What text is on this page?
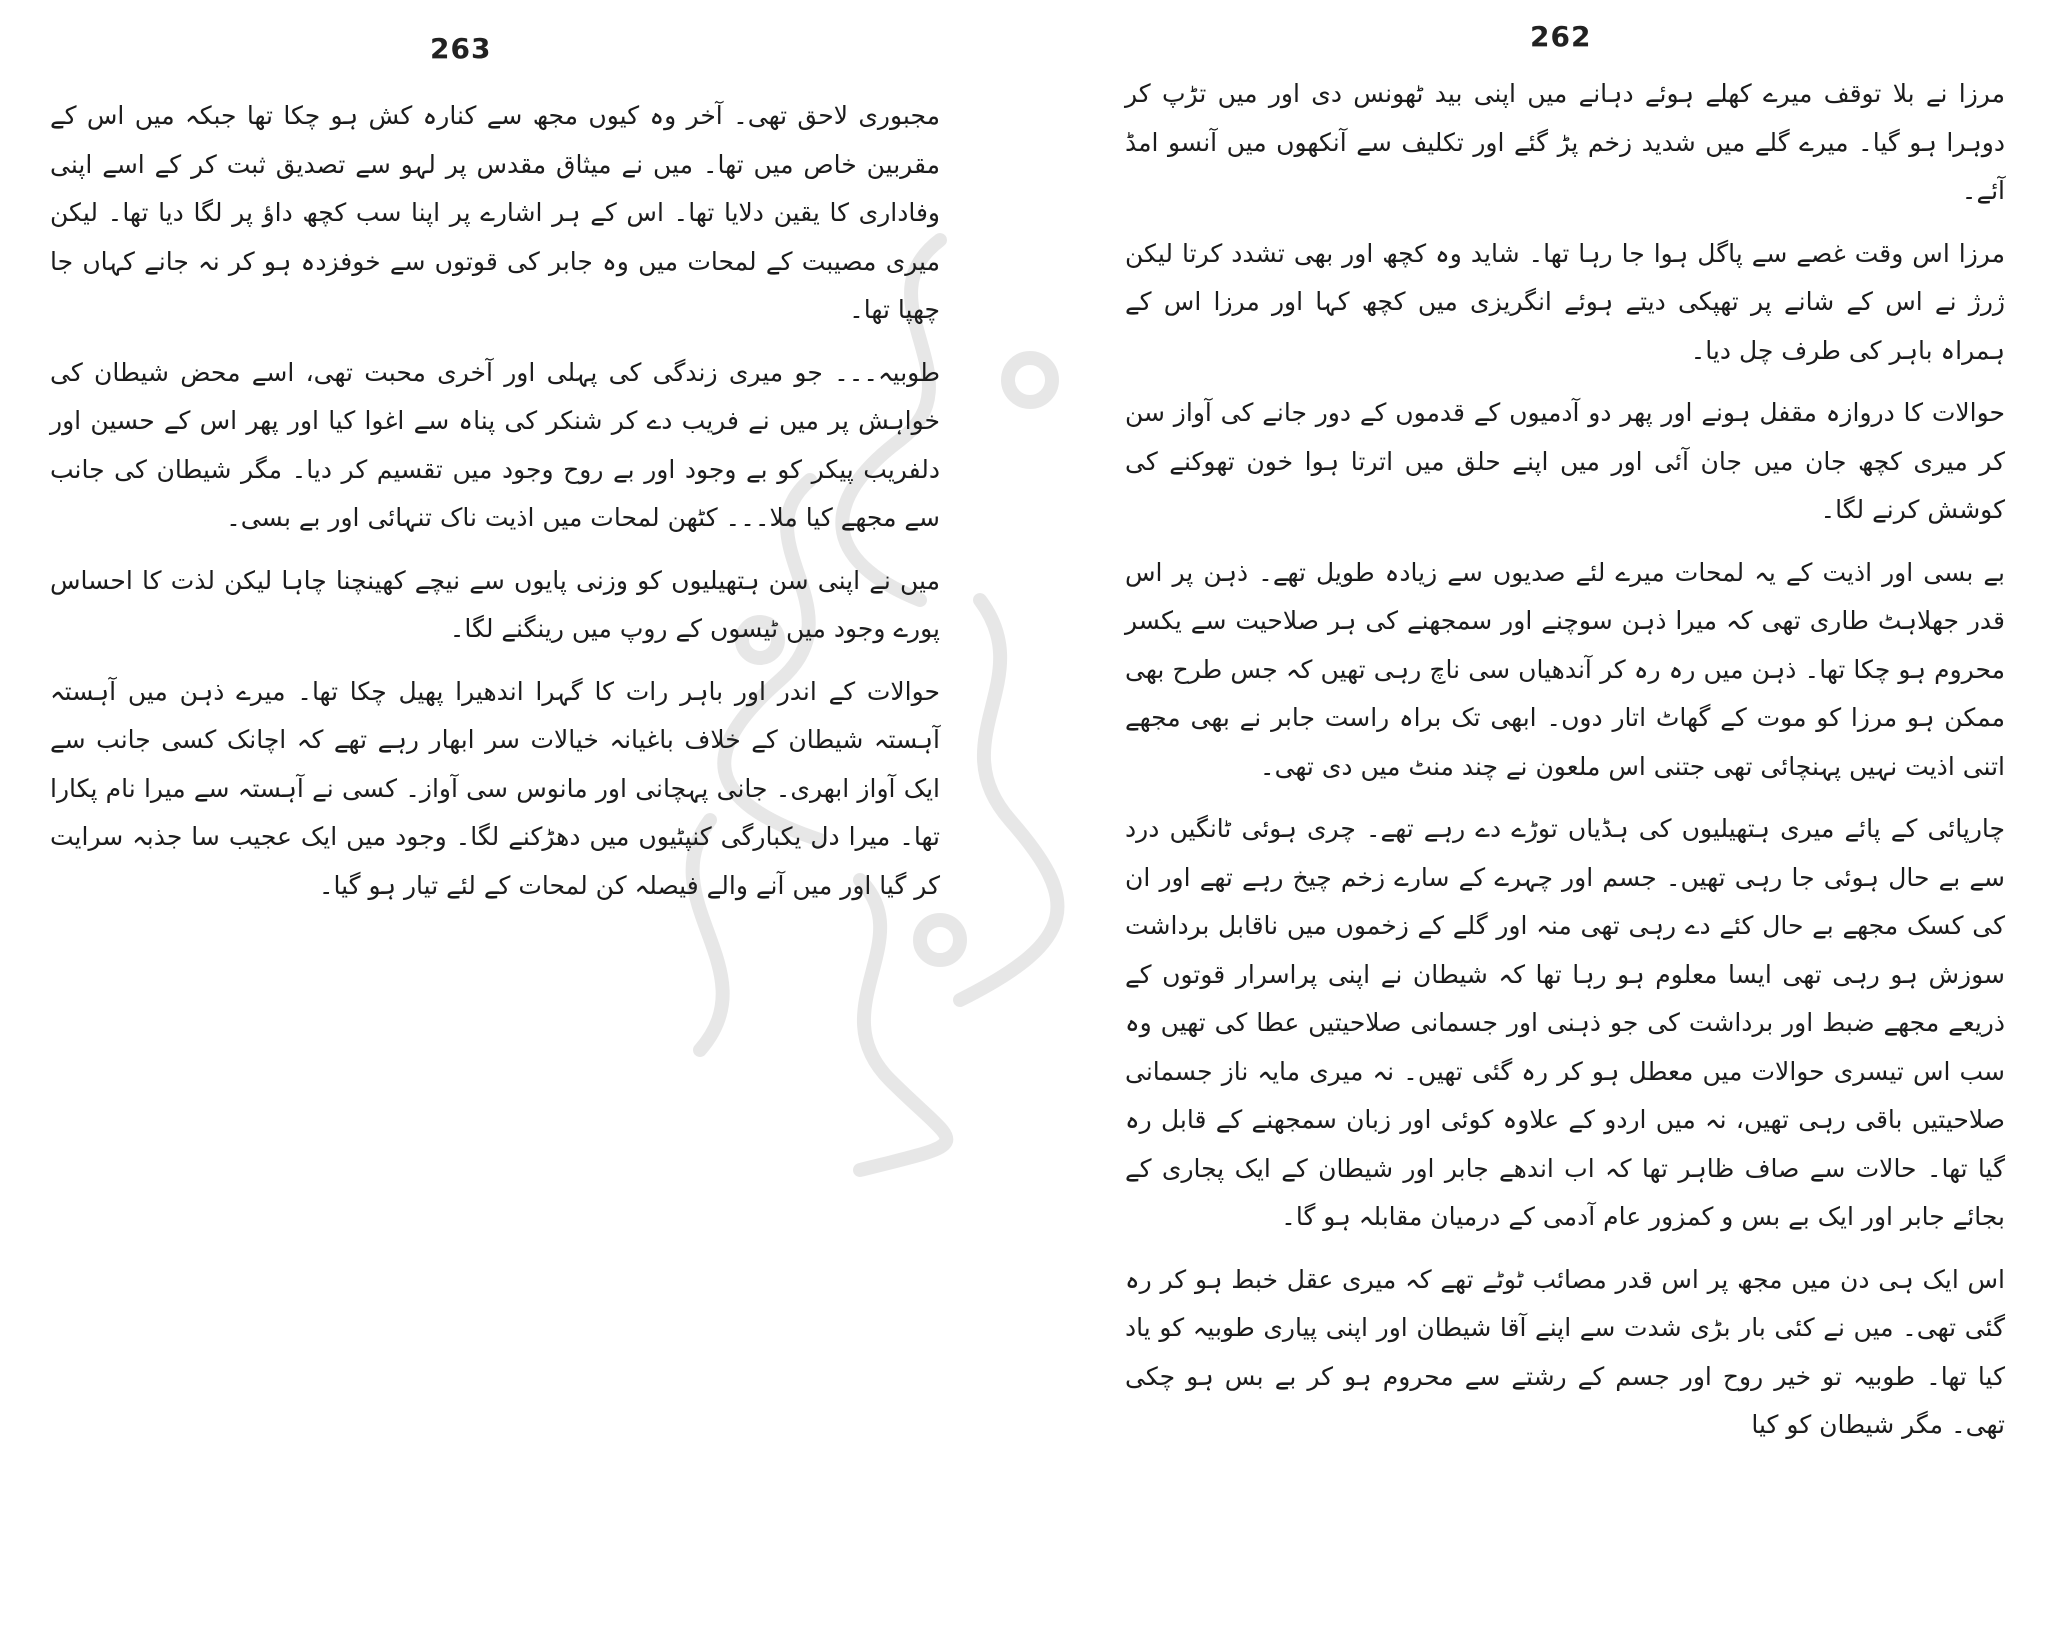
263

مجبوری لاحق تھی۔ آخر وہ کیوں مجھ سے کنارہ کش ہو چکا تھا جبکہ میں اس کے مقربین خاص میں تھا۔ میں نے میثاق مقدس پر لہو سے تصدیق ثبت کر کے اسے اپنی وفاداری کا یقین دلایا تھا۔ اس کے ہر اشارے پر اپنا سب کچھ داؤ پر لگا دیا تھا۔ لیکن میری مصیبت کے لمحات میں وہ جابر کی قوتوں سے خوفزدہ ہو کر نہ جانے کہاں جا چھپا تھا۔

طوبیہ۔۔۔ جو میری زندگی کی پہلی اور آخری محبت تھی، اسے محض شیطان کی خواہش پر میں نے فریب دے کر شنکر کی پناہ سے اغوا کیا اور پھر اس کے حسین اور دلفریب پیکر کو بے وجود اور بے روح وجود میں تقسیم کر دیا۔ مگر شیطان کی جانب سے مجھے کیا ملا۔۔۔ کٹھن لمحات میں اذیت ناک تنہائی اور بے بسی۔

میں نے اپنی سن ہتھیلیوں کو وزنی پایوں سے نیچے کھینچنا چاہا لیکن لذت کا احساس پورے وجود میں ٹیسوں کے روپ میں رینگنے لگا۔

حوالات کے اندر اور باہر رات کا گہرا اندھیرا پھیل چکا تھا۔ میرے ذہن میں آہستہ آہستہ شیطان کے خلاف باغیانہ خیالات سر ابھار رہے تھے کہ اچانک کسی جانب سے ایک آواز ابھری۔ جانی پہچانی اور مانوس سی آواز۔ کسی نے آہستہ سے میرا نام پکارا تھا۔ میرا دل یکبارگی کنپٹیوں میں دھڑکنے لگا۔ وجود میں ایک عجیب سا جذبہ سرایت کر گیا اور میں آنے والے فیصلہ کن لمحات کے لئے تیار ہو گیا۔

262

مرزا نے بلا توقف میرے کھلے ہوئے دہانے میں اپنی بید ٹھونس دی اور میں تڑپ کر دوہرا ہو گیا۔ میرے گلے میں شدید زخم پڑ گئے اور تکلیف سے آنکھوں میں آنسو امڈ آئے۔

مرزا اس وقت غصے سے پاگل ہوا جا رہا تھا۔ شاید وہ کچھ اور بھی تشدد کرتا لیکن ژرژ نے اس کے شانے پر تھپکی دیتے ہوئے انگریزی میں کچھ کہا اور مرزا اس کے ہمراہ باہر کی طرف چل دیا۔

حوالات کا دروازہ مقفل ہونے اور پھر دو آدمیوں کے قدموں کے دور جانے کی آواز سن کر میری کچھ جان میں جان آئی اور میں اپنے حلق میں اترتا ہوا خون تھوکنے کی کوشش کرنے لگا۔

بے بسی اور اذیت کے یہ لمحات میرے لئے صدیوں سے زیادہ طویل تھے۔ ذہن پر اس قدر جھلاہٹ طاری تھی کہ میرا ذہن سوچنے اور سمجھنے کی ہر صلاحیت سے یکسر محروم ہو چکا تھا۔ ذہن میں رہ رہ کر آندھیاں سی ناچ رہی تھیں کہ جس طرح بھی ممکن ہو مرزا کو موت کے گھاٹ اتار دوں۔ ابھی تک براہ راست جابر نے بھی مجھے اتنی اذیت نہیں پہنچائی تھی جتنی اس ملعون نے چند منٹ میں دی تھی۔

چارپائی کے پائے میری ہتھیلیوں کی ہڈیاں توڑے دے رہے تھے۔ چری ہوئی ٹانگیں درد سے بے حال ہوئی جا رہی تھیں۔ جسم اور چہرے کے سارے زخم چیخ رہے تھے اور ان کی کسک مجھے بے حال کئے دے رہی تھی منہ اور گلے کے زخموں میں ناقابل برداشت سوزش ہو رہی تھی ایسا معلوم ہو رہا تھا کہ شیطان نے اپنی پراسرار قوتوں کے ذریعے مجھے ضبط اور برداشت کی جو ذہنی اور جسمانی صلاحیتیں عطا کی تھیں وہ سب اس تیسری حوالات میں معطل ہو کر رہ گئی تھیں۔ نہ میری مایہ ناز جسمانی صلاحیتیں باقی رہی تھیں، نہ میں اردو کے علاوہ کوئی اور زبان سمجھنے کے قابل رہ گیا تھا۔ حالات سے صاف ظاہر تھا کہ اب اندھے جابر اور شیطان کے ایک پجاری کے بجائے جابر اور ایک بے بس و کمزور عام آدمی کے درمیان مقابلہ ہو گا۔

اس ایک ہی دن میں مجھ پر اس قدر مصائب ٹوٹے تھے کہ میری عقل خبط ہو کر رہ گئی تھی۔ میں نے کئی بار بڑی شدت سے اپنے آقا شیطان اور اپنی پیاری طوبیہ کو یاد کیا تھا۔ طوبیہ تو خیر روح اور جسم کے رشتے سے محروم ہو کر بے بس ہو چکی تھی۔ مگر شیطان کو کیا
